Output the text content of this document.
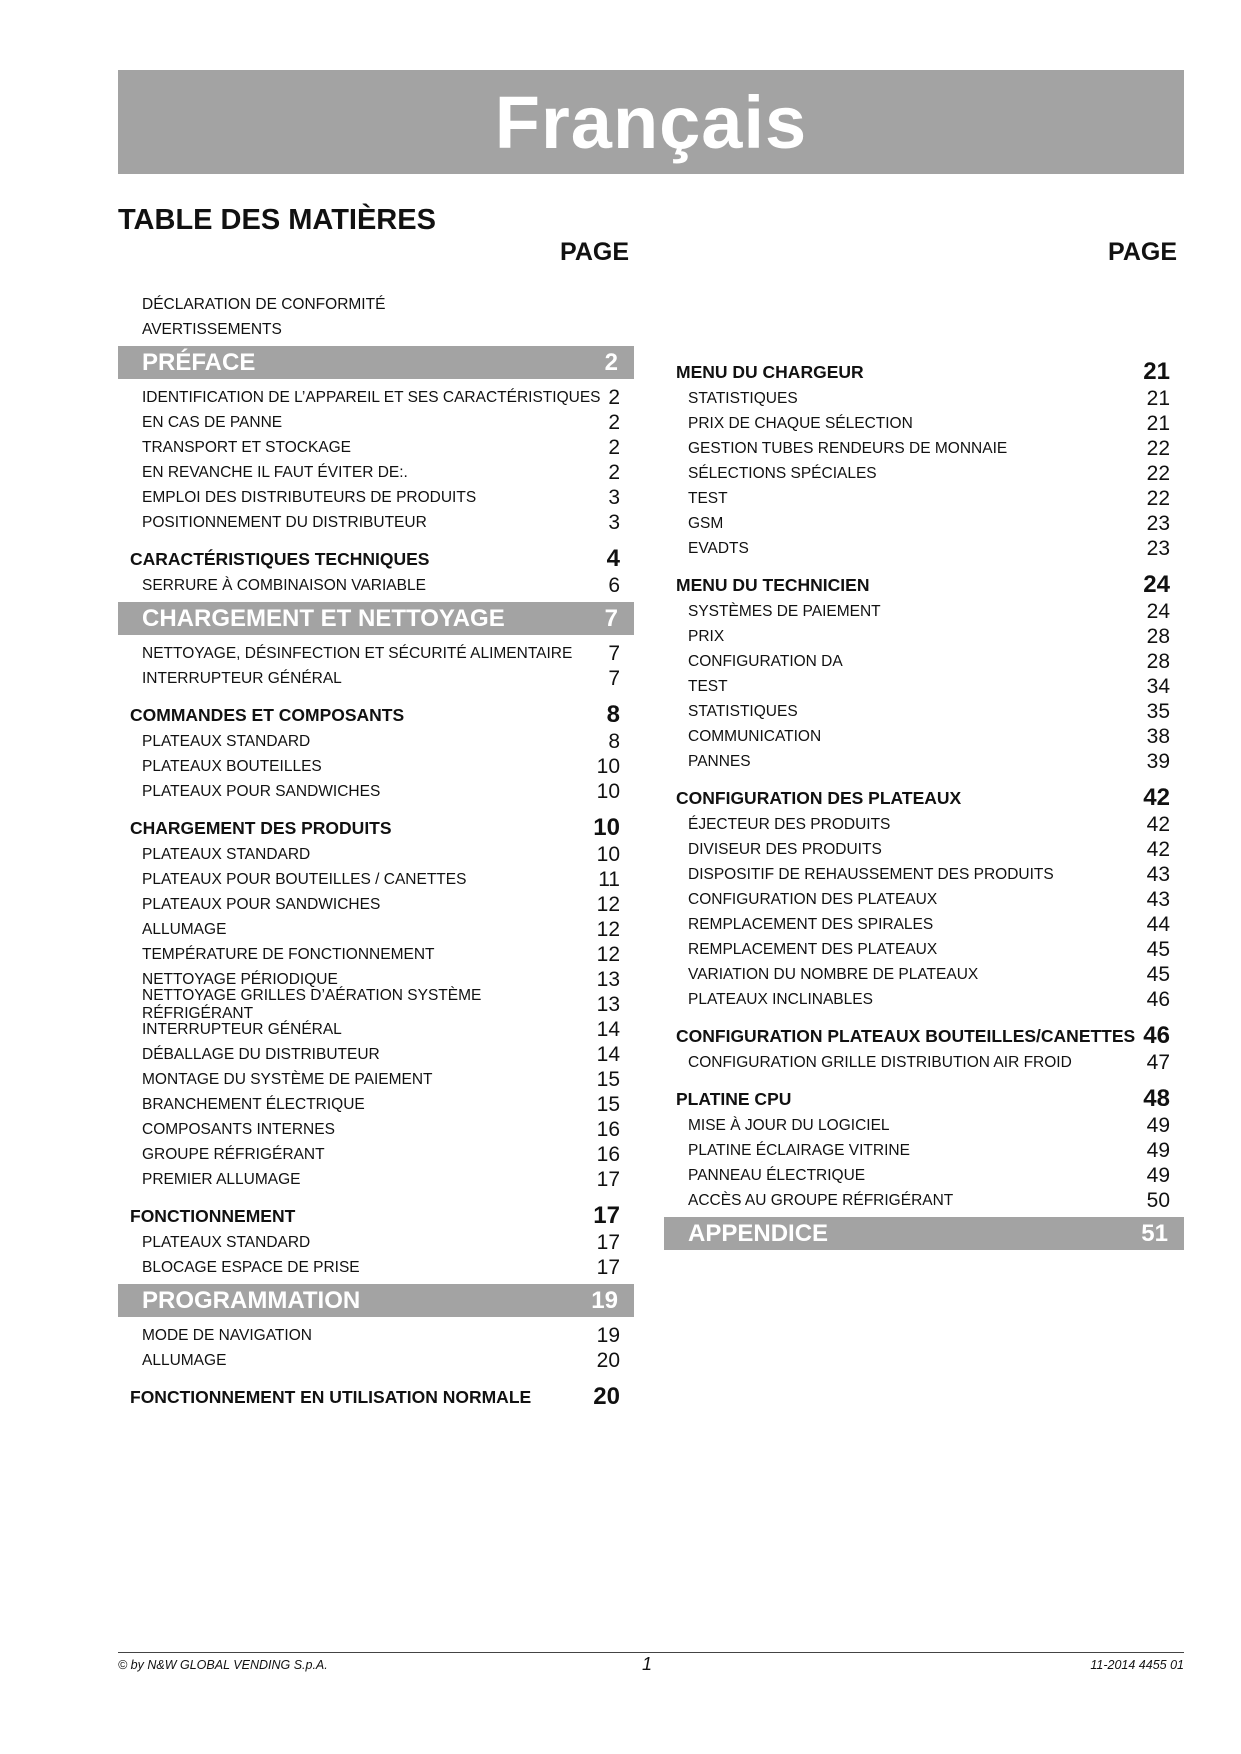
Français
TABLE DES MATIÈRES
PAGE	PAGE
DÉCLARATION DE CONFORMITÉ
AVERTISSEMENTS
PRÉFACE	2
IDENTIFICATION DE L’APPAREIL ET SES CARACTÉRISTIQUES 2
EN CAS DE PANNE	2
TRANSPORT ET STOCKAGE	2
EN REVANCHE IL FAUT ÉVITER DE:.	2
EMPLOI DES DISTRIBUTEURS DE PRODUITS	3
POSITIONNEMENT DU DISTRIBUTEUR	3
CARACTÉRISTIQUES TECHNIQUES	4
SERRURE À COMBINAISON VARIABLE	6
CHARGEMENT ET NETTOYAGE	7
NETTOYAGE, DÉSINFECTION ET SÉCURITÉ ALIMENTAIRE 7
INTERRUPTEUR GÉNÉRAL	7
COMMANDES ET COMPOSANTS	8
PLATEAUX STANDARD	8
PLATEAUX BOUTEILLES	10
PLATEAUX POUR SANDWICHES	10
CHARGEMENT DES PRODUITS	10
PLATEAUX STANDARD	10
PLATEAUX POUR BOUTEILLES / CANETTES	11
PLATEAUX POUR SANDWICHES	12
ALLUMAGE	12
TEMPÉRATURE DE FONCTIONNEMENT	12
NETTOYAGE PÉRIODIQUE	13
NETTOYAGE GRILLES D’AÉRATION SYSTÈME RÉFRIGÉRANT	13
INTERRUPTEUR GÉNÉRAL	14
DÉBALLAGE DU DISTRIBUTEUR	14
MONTAGE DU SYSTÈME DE PAIEMENT	15
BRANCHEMENT ÉLECTRIQUE	15
COMPOSANTS INTERNES	16
GROUPE RÉFRIGÉRANT	16
PREMIER ALLUMAGE	17
FONCTIONNEMENT	17
PLATEAUX STANDARD	17
BLOCAGE ESPACE DE PRISE	17
PROGRAMMATION	19
MODE DE NAVIGATION	19
ALLUMAGE	20
FONCTIONNEMENT EN UTILISATION NORMALE	20
MENU DU CHARGEUR	21
STATISTIQUES	21
PRIX DE CHAQUE SÉLECTION	21
GESTION TUBES RENDEURS DE MONNAIE	22
SÉLECTIONS SPÉCIALES	22
TEST	22
GSM	23
EVADTS	23
MENU DU TECHNICIEN	24
SYSTÈMES DE PAIEMENT	24
PRIX	28
CONFIGURATION DA	28
TEST	34
STATISTIQUES	35
COMMUNICATION	38
PANNES	39
CONFIGURATION DES PLATEAUX	42
ÉJECTEUR DES PRODUITS	42
DIVISEUR DES PRODUITS	42
DISPOSITIF DE REHAUSSEMENT DES PRODUITS	43
CONFIGURATION DES PLATEAUX	43
REMPLACEMENT DES SPIRALES	44
REMPLACEMENT DES PLATEAUX	45
VARIATION DU NOMBRE DE PLATEAUX	45
PLATEAUX INCLINABLES	46
CONFIGURATION PLATEAUX BOUTEILLES/CANETTES 46
CONFIGURATION GRILLE DISTRIBUTION AIR FROID	47
PLATINE CPU	48
MISE À JOUR DU LOGICIEL	49
PLATINE ÉCLAIRAGE VITRINE	49
PANNEAU ÉLECTRIQUE	49
ACCÈS AU GROUPE RÉFRIGÉRANT	50
APPENDICE	51
© by N&W GLOBAL VENDING S.p.A.	1	11-2014 4455 01
